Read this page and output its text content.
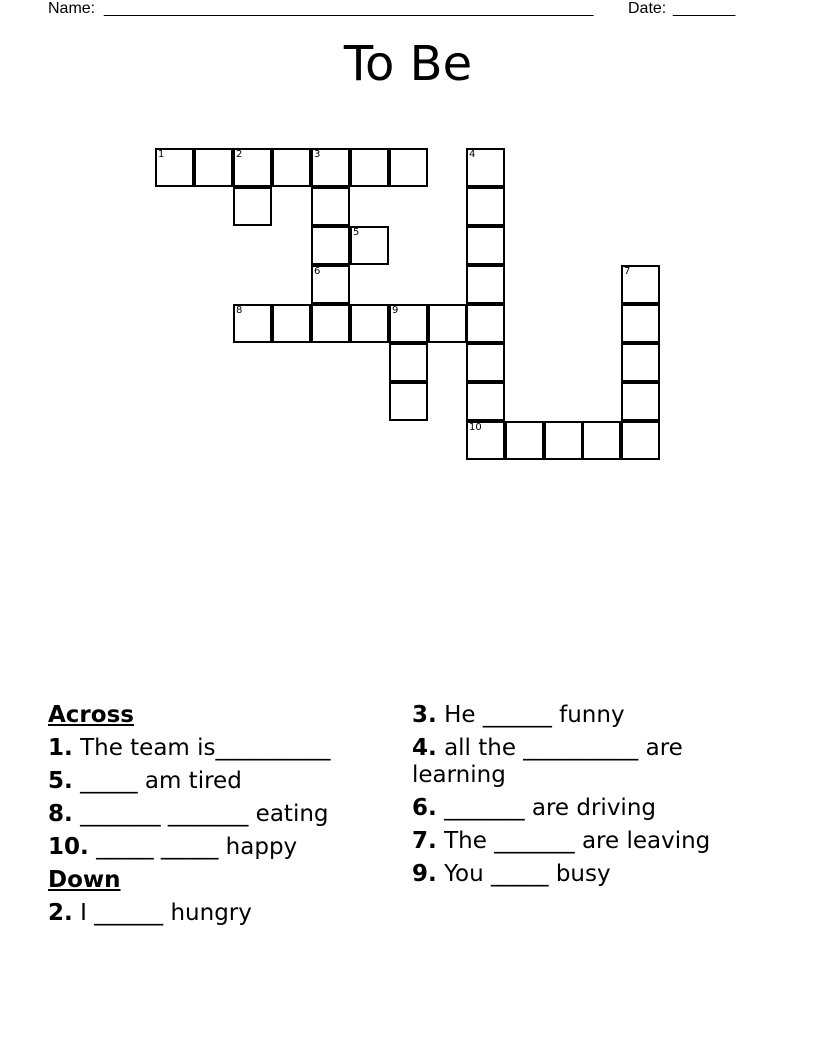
Name: _______________________________________________________ Date: _______
To Be
1	2	3	4
5
6	7
8	9
10
Across
1. The team is__________
5. _____ am tired
8. _______ _______ eating
10. _____ _____ happy
Down
2. I ______ hungry
3. He ______ funny
4. all the __________ are learning
6. _______ are driving
7. The _______ are leaving
9. You _____ busy
